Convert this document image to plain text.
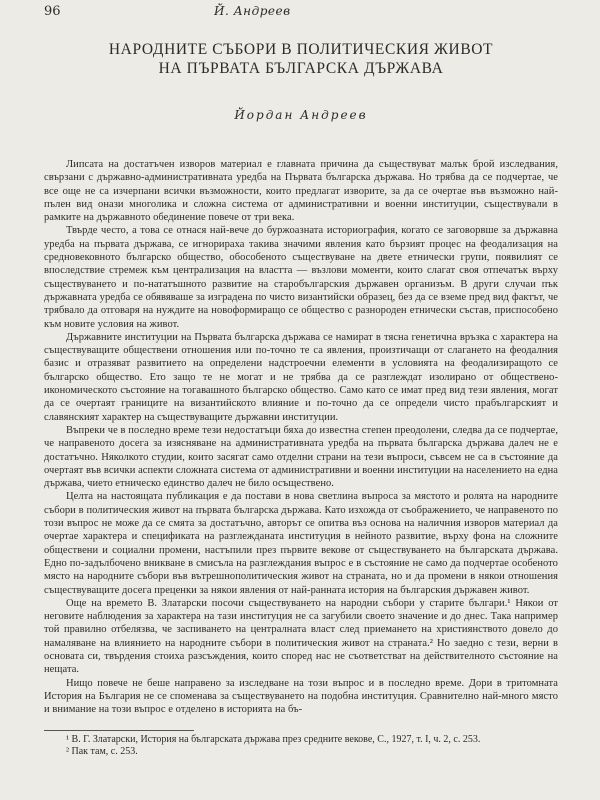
96	Й. Андреев
НАРОДНИТЕ СЪБОРИ В ПОЛИТИЧЕСКИЯ ЖИВОТ
НА ПЪРВАТА БЪЛГАРСКА ДЪРЖАВА
Йордан Андреев

Липсата на достатъчен изворов материал е главната причина да съществуват малък брой изследвания, свързани с държавно-административната уредба на Първата българска държава. Но трябва да се подчертае, че все още не са изчерпани всички възможности, които предлагат изворите, за да се очертае във възможно най-пълен вид онази многолика и сложна система от административни и военни институции, съществували в рамките на държавното обединение повече от три века.

Твърде често, а това се отнася най-вече до буржоазната историография, когато се заговорвше за държавна уредба на първата държава, се игнорираха такива значими явления като бързият процес на феодализация на средновековното българско общество, обособеното съществуване на двете етнически групи, появилият се впоследствие стремеж към централизация на властта — възлови моменти, които слагат своя отпечатък върху съществуването и по-нататъшното развитие на старобългарския държавен организъм. В други случаи пък държавната уредба се обявяваше за изградена по чисто византийски образец, без да се вземе пред вид фактът, че трябвало да отговаря на нуждите на новоформиращо се общество с разнороден етнически състав, приспособено към новите условия на живот.

Държавните институции на Първата българска държава се намират в тясна генетична връзка с характера на съществуващите обществени отношения или по-точно те са явления, произтичащи от слагането на феодалния базис и отразяват развитието на определени надстроечни елементи в условията на феодализиращото се българско общество. Ето защо те не могат и не трябва да се разглеждат изолирано от обществено-икономическото състояние на тогавашното българско общество. Само като се имат пред вид тези явления, могат да се очертаят границите на византийското влияние и по-точно да се определи чисто прабългарският и славянският характер на съществуващите държавни институции.

Въпреки че в последно време тези недостатъци бяха до известна степен преодолени, следва да се подчертае, че направеното досега за изясняване на административната уредба на първата българска държава далеч не е достатъчно. Няколкото студии, които засягат само отделни страни на тези въпроси, съвсем не са в състояние да очертаят във всички аспекти сложната система от административни и военни институции на населението на една държава, чието етническо единство далеч не било осъществено.

Целта на настоящата публикация е да постави в нова светлина въпроса за мястото и ролята на народните събори в политическия живот на първата българска държава. Като изхожда от съображението, че направеното по този въпрос не може да се смята за достатъчно, авторът се опитва въз основа на наличния изворов материал да очертае характера и спецификата на разглежданата институция в нейното развитие, върху фона на сложните обществени и социални промени, настъпили през първите векове от съществуването на българската държава. Едно по-задълбочено вникване в смисъла на разглеждания въпрос е в състояние не само да подчертае особеното място на народните събори във вътрешнополитическия живот на страната, но и да промени в някои отношения съществуващите досега преценки за някои явления от най-ранната история на българския държавен живот.

Още на времето В. Златарски посочи съществуването на народни събори у старите българи.¹ Някои от неговите наблюдения за характера на тази институция не са загубили своето значение и до днес. Така например той правилно отбелязва, че заспиването на централната власт след приемането на християнството довело до намаляване на влиянието на народните събори в политическия живот на страната.² Но заедно с тези, верни в основата си, твърдения стоиха разсъждения, които според нас не съответстват на действителното състояние на нещата.

Нищо повече не беше направено за изследване на този въпрос и в последно време. Дори в тритомната История на България не се споменава за съществуването на подобна институция. Сравнително най-много място и внимание на този въпрос е отделено в историята на бъ-

¹ В. Г. Златарски, История на българската държава през средните векове, С., 1927, т. I, ч. 2, с. 253.

² Пак там, с. 253.
